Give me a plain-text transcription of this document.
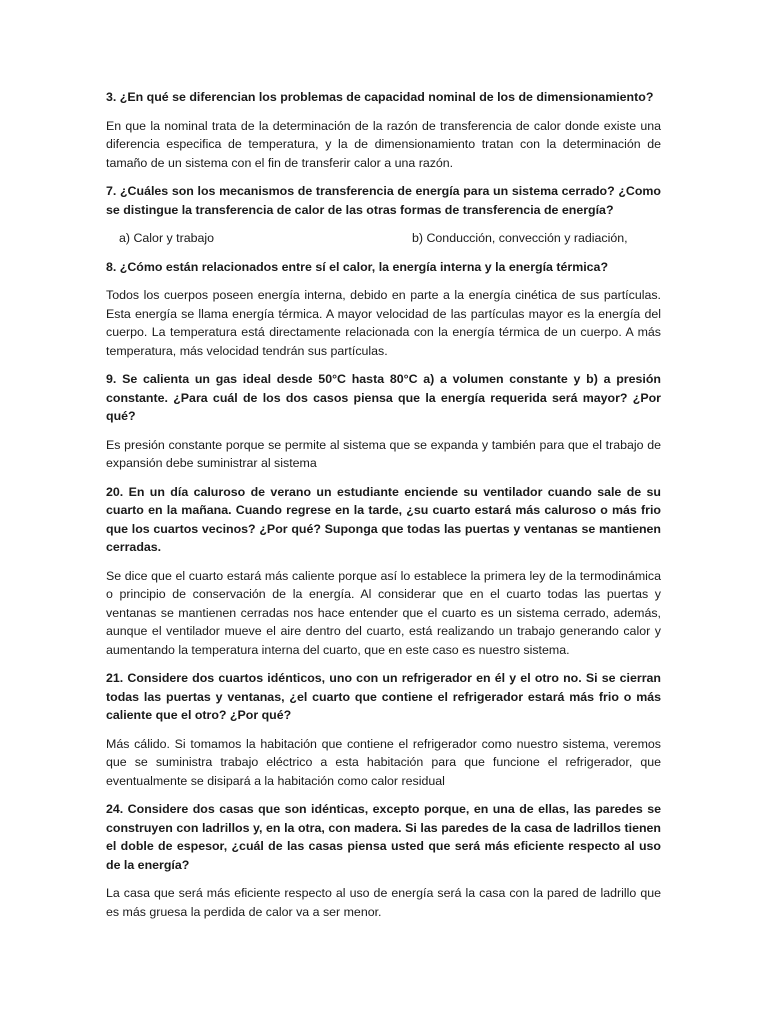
3. ¿En qué se diferencian los problemas de capacidad nominal de los de dimensionamiento?

En que la nominal trata de la determinación de la razón de transferencia de calor donde existe una diferencia especifica de temperatura, y la de dimensionamiento tratan con la determinación de tamaño de un sistema con el fin de transferir calor a una razón.

7. ¿Cuáles son los mecanismos de transferencia de energía para un sistema cerrado? ¿Como se distingue la transferencia de calor de las otras formas de transferencia de energía?

a) Calor y trabajo	b) Conducción, convección y radiación,

8. ¿Cómo están relacionados entre sí el calor, la energía interna y la energía térmica?

Todos los cuerpos poseen energía interna, debido en parte a la energía cinética de sus partículas. Esta energía se llama energía térmica. A mayor velocidad de las partículas mayor es la energía del cuerpo. La temperatura está directamente relacionada con la energía térmica de un cuerpo. A más temperatura, más velocidad tendrán sus partículas.

9. Se calienta un gas ideal desde 50°C hasta 80°C a) a volumen constante y b) a presión constante. ¿Para cuál de los dos casos piensa que la energía requerida será mayor? ¿Por qué?

Es presión constante porque se permite al sistema que se expanda y también para que el trabajo de expansión debe suministrar al sistema

20. En un día caluroso de verano un estudiante enciende su ventilador cuando sale de su cuarto en la mañana. Cuando regrese en la tarde, ¿su cuarto estará más caluroso o más frio que los cuartos vecinos? ¿Por qué? Suponga que todas las puertas y ventanas se mantienen cerradas.

Se dice que el cuarto estará más caliente porque así lo establece la primera ley de la termodinámica o principio de conservación de la energía. Al considerar que en el cuarto todas las puertas y ventanas se mantienen cerradas nos hace entender que el cuarto es un sistema cerrado, además, aunque el ventilador mueve el aire dentro del cuarto, está realizando un trabajo generando calor y aumentando la temperatura interna del cuarto, que en este caso es nuestro sistema.

21. Considere dos cuartos idénticos, uno con un refrigerador en él y el otro no. Si se cierran todas las puertas y ventanas, ¿el cuarto que contiene el refrigerador estará más frio o más caliente que el otro? ¿Por qué?

Más cálido. Si tomamos la habitación que contiene el refrigerador como nuestro sistema, veremos que se suministra trabajo eléctrico a esta habitación para que funcione el refrigerador, que eventualmente se disipará a la habitación como calor residual

24. Considere dos casas que son idénticas, excepto porque, en una de ellas, las paredes se construyen con ladrillos y, en la otra, con madera. Si las paredes de la casa de ladrillos tienen el doble de espesor, ¿cuál de las casas piensa usted que será más eficiente respecto al uso de la energía?

La casa que será más eficiente respecto al uso de energía será la casa con la pared de ladrillo que es más gruesa la perdida de calor va a ser menor.
